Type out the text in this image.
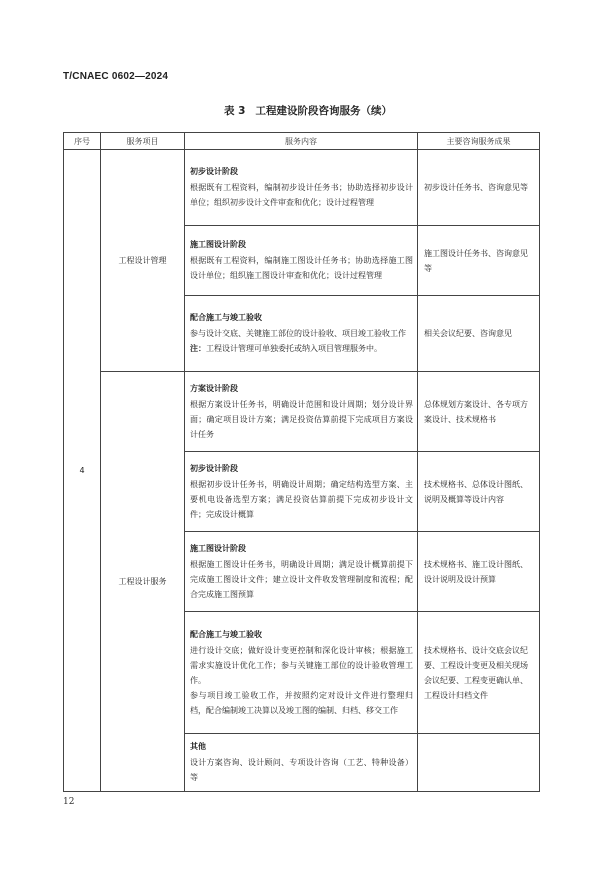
T/CNAEC 0602—2024
表 3 工程建设阶段咨询服务（续）
序号	服务项目	服务内容	主要咨询服务成果
4	工程设计管理	初步设计阶段
根据既有工程资料，编制初步设计任务书；协助选择初步设计单位；组织初步设计文件审查和优化；设计过程管理	初步设计任务书、咨询意见等

		施工图设计阶段
根据既有工程资料，编制施工图设计任务书；协助选择施工图设计单位；组织施工图设计审查和优化；设计过程管理	施工图设计任务书、咨询意见等

		配合施工与竣工验收
参与设计交底、关键施工部位的设计验收、项目竣工验收工作
注：工程设计管理可单独委托或纳入项目管理服务中。	相关会议纪要、咨询意见
	工程设计服务	方案设计阶段
根据方案设计任务书，明确设计范围和设计周期；划分设计界面；确定项目设计方案；满足投资估算前提下完成项目方案设计任务	总体规划方案设计、各专项方案设计、技术规格书

		初步设计阶段
根据初步设计任务书，明确设计周期；确定结构选型方案、主要机电设备选型方案；满足投资估算前提下完成初步设计文件；完成设计概算	技术规格书、总体设计图纸、说明及概算等设计内容

		施工图设计阶段
根据施工图设计任务书，明确设计周期；满足设计概算前提下完成施工图设计文件；建立设计文件收发管理制度和流程；配合完成施工图预算	技术规格书、施工设计图纸、设计说明及设计预算

		配合施工与竣工验收
进行设计交底；做好设计变更控制和深化设计审核；根据施工需求实施设计优化工作；参与关键施工部位的设计验收管理工作。
参与项目竣工验收工作，并按照约定对设计文件进行整理归档，配合编制竣工决算以及竣工图的编制、归档、移交工作	技术规格书、设计交底会议纪要、工程设计变更及相关现场会议纪要、工程变更确认单、工程设计归档文件

		其他
设计方案咨询、设计顾问、专项设计咨询（工艺、特种设备）等	

12
